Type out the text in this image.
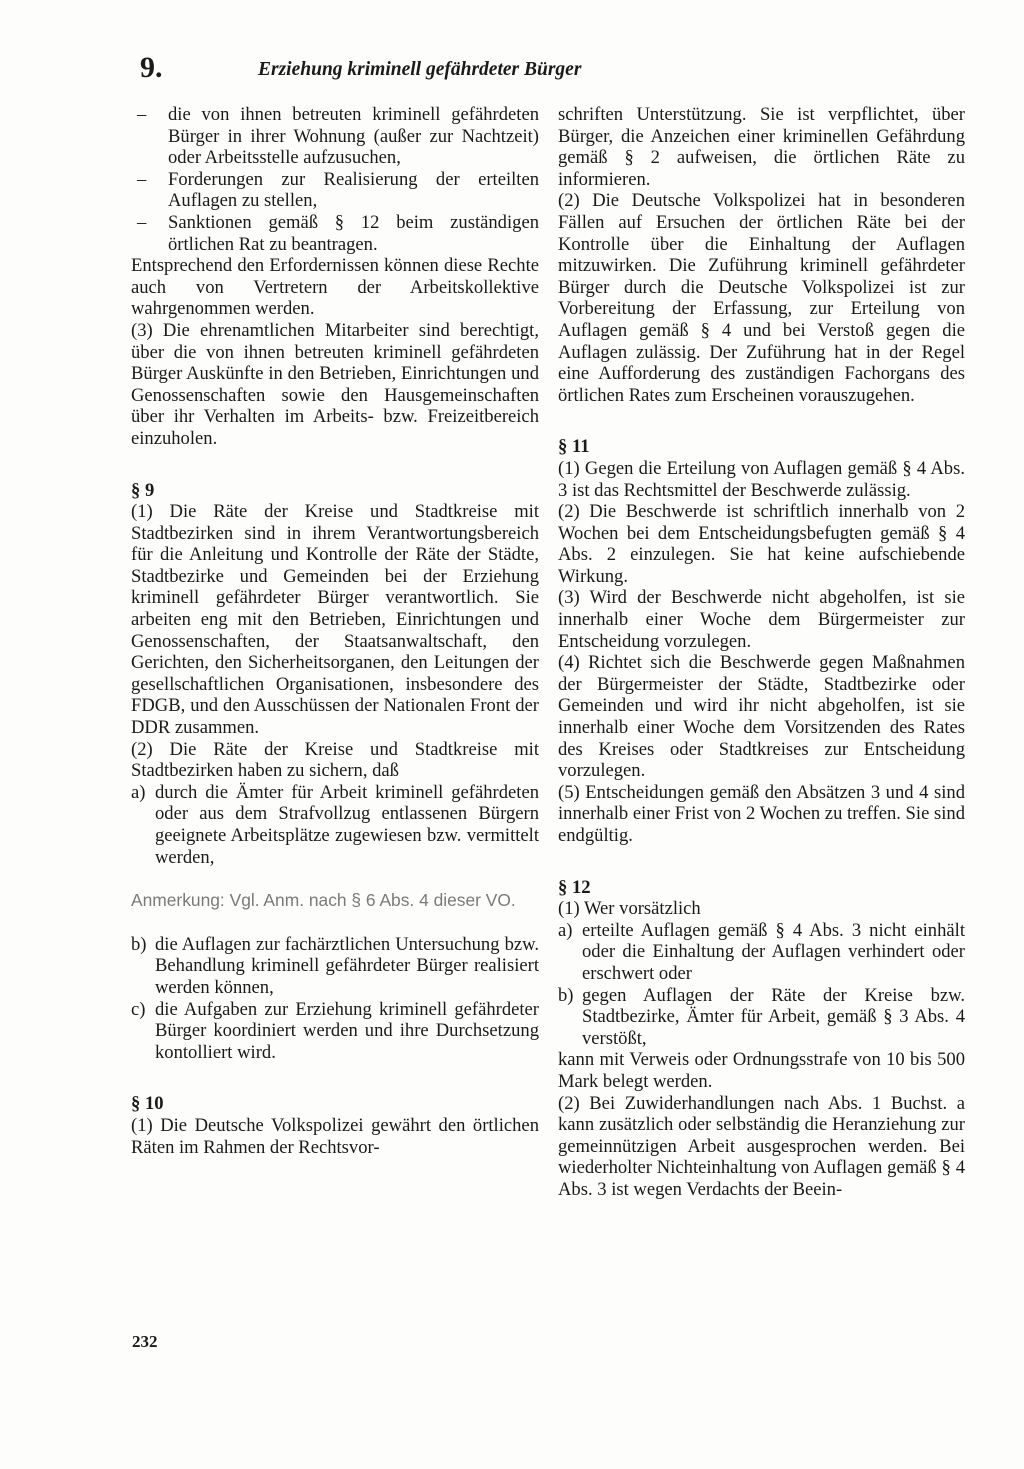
9.	Erziehung kriminell gefährdeter Bürger

– die von ihnen betreuten kriminell gefährdeten Bürger in ihrer Wohnung (außer zur Nachtzeit) oder Arbeitsstelle aufzusuchen,

– Forderungen zur Realisierung der erteilten Auflagen zu stellen,

– Sanktionen gemäß § 12 beim zuständigen örtlichen Rat zu beantragen.

Entsprechend den Erfordernissen können diese Rechte auch von Vertretern der Arbeitskollektive wahrgenommen werden.

(3) Die ehrenamtlichen Mitarbeiter sind berechtigt, über die von ihnen betreuten kriminell gefährdeten Bürger Auskünfte in den Betrieben, Einrichtungen und Genossenschaften sowie den Hausgemeinschaften über ihr Verhalten im Arbeits- bzw. Freizeitbereich einzuholen.

§ 9

(1) Die Räte der Kreise und Stadtkreise mit Stadtbezirken sind in ihrem Verantwortungsbereich für die Anleitung und Kontrolle der Räte der Städte, Stadtbezirke und Gemeinden bei der Erziehung kriminell gefährdeter Bürger verantwortlich. Sie arbeiten eng mit den Betrieben, Einrichtungen und Genossenschaften, der Staatsanwaltschaft, den Gerichten, den Sicherheitsorganen, den Leitungen der gesellschaftlichen Organisationen, insbesondere des FDGB, und den Ausschüssen der Nationalen Front der DDR zusammen.

(2) Die Räte der Kreise und Stadtkreise mit Stadtbezirken haben zu sichern, daß

a) durch die Ämter für Arbeit kriminell gefährdeten oder aus dem Strafvollzug entlassenen Bürgern geeignete Arbeitsplätze zugewiesen bzw. vermittelt werden,

Anmerkung: Vgl. Anm. nach § 6 Abs. 4 dieser VO.

b) die Auflagen zur fachärztlichen Untersuchung bzw. Behandlung kriminell gefährdeter Bürger realisiert werden können,

c) die Aufgaben zur Erziehung kriminell gefährdeter Bürger koordiniert werden und ihre Durchsetzung kontolliert wird.

§ 10

(1) Die Deutsche Volkspolizei gewährt den örtlichen Räten im Rahmen der Rechtsvor-

schriften Unterstützung. Sie ist verpflichtet, über Bürger, die Anzeichen einer kriminellen Gefährdung gemäß § 2 aufweisen, die örtlichen Räte zu informieren.

(2) Die Deutsche Volkspolizei hat in besonderen Fällen auf Ersuchen der örtlichen Räte bei der Kontrolle über die Einhaltung der Auflagen mitzuwirken. Die Zuführung kriminell gefährdeter Bürger durch die Deutsche Volkspolizei ist zur Vorbereitung der Erfassung, zur Erteilung von Auflagen gemäß § 4 und bei Verstoß gegen die Auflagen zulässig. Der Zuführung hat in der Regel eine Aufforderung des zuständigen Fachorgans des örtlichen Rates zum Erscheinen vorauszugehen.

§ 11

(1) Gegen die Erteilung von Auflagen gemäß § 4 Abs. 3 ist das Rechtsmittel der Beschwerde zulässig.

(2) Die Beschwerde ist schriftlich innerhalb von 2 Wochen bei dem Entscheidungsbefugten gemäß § 4 Abs. 2 einzulegen. Sie hat keine aufschiebende Wirkung.

(3) Wird der Beschwerde nicht abgeholfen, ist sie innerhalb einer Woche dem Bürgermeister zur Entscheidung vorzulegen.

(4) Richtet sich die Beschwerde gegen Maßnahmen der Bürgermeister der Städte, Stadtbezirke oder Gemeinden und wird ihr nicht abgeholfen, ist sie innerhalb einer Woche dem Vorsitzenden des Rates des Kreises oder Stadtkreises zur Entscheidung vorzulegen.

(5) Entscheidungen gemäß den Absätzen 3 und 4 sind innerhalb einer Frist von 2 Wochen zu treffen. Sie sind endgültig.

§ 12

(1) Wer vorsätzlich

a) erteilte Auflagen gemäß § 4 Abs. 3 nicht einhält oder die Einhaltung der Auflagen verhindert oder erschwert oder

b) gegen Auflagen der Räte der Kreise bzw. Stadtbezirke, Ämter für Arbeit, gemäß § 3 Abs. 4 verstößt,

kann mit Verweis oder Ordnungsstrafe von 10 bis 500 Mark belegt werden.

(2) Bei Zuwiderhandlungen nach Abs. 1 Buchst. a kann zusätzlich oder selbständig die Heranziehung zur gemeinnützigen Arbeit ausgesprochen werden. Bei wiederholter Nichteinhaltung von Auflagen gemäß § 4 Abs. 3 ist wegen Verdachts der Beein-

232
